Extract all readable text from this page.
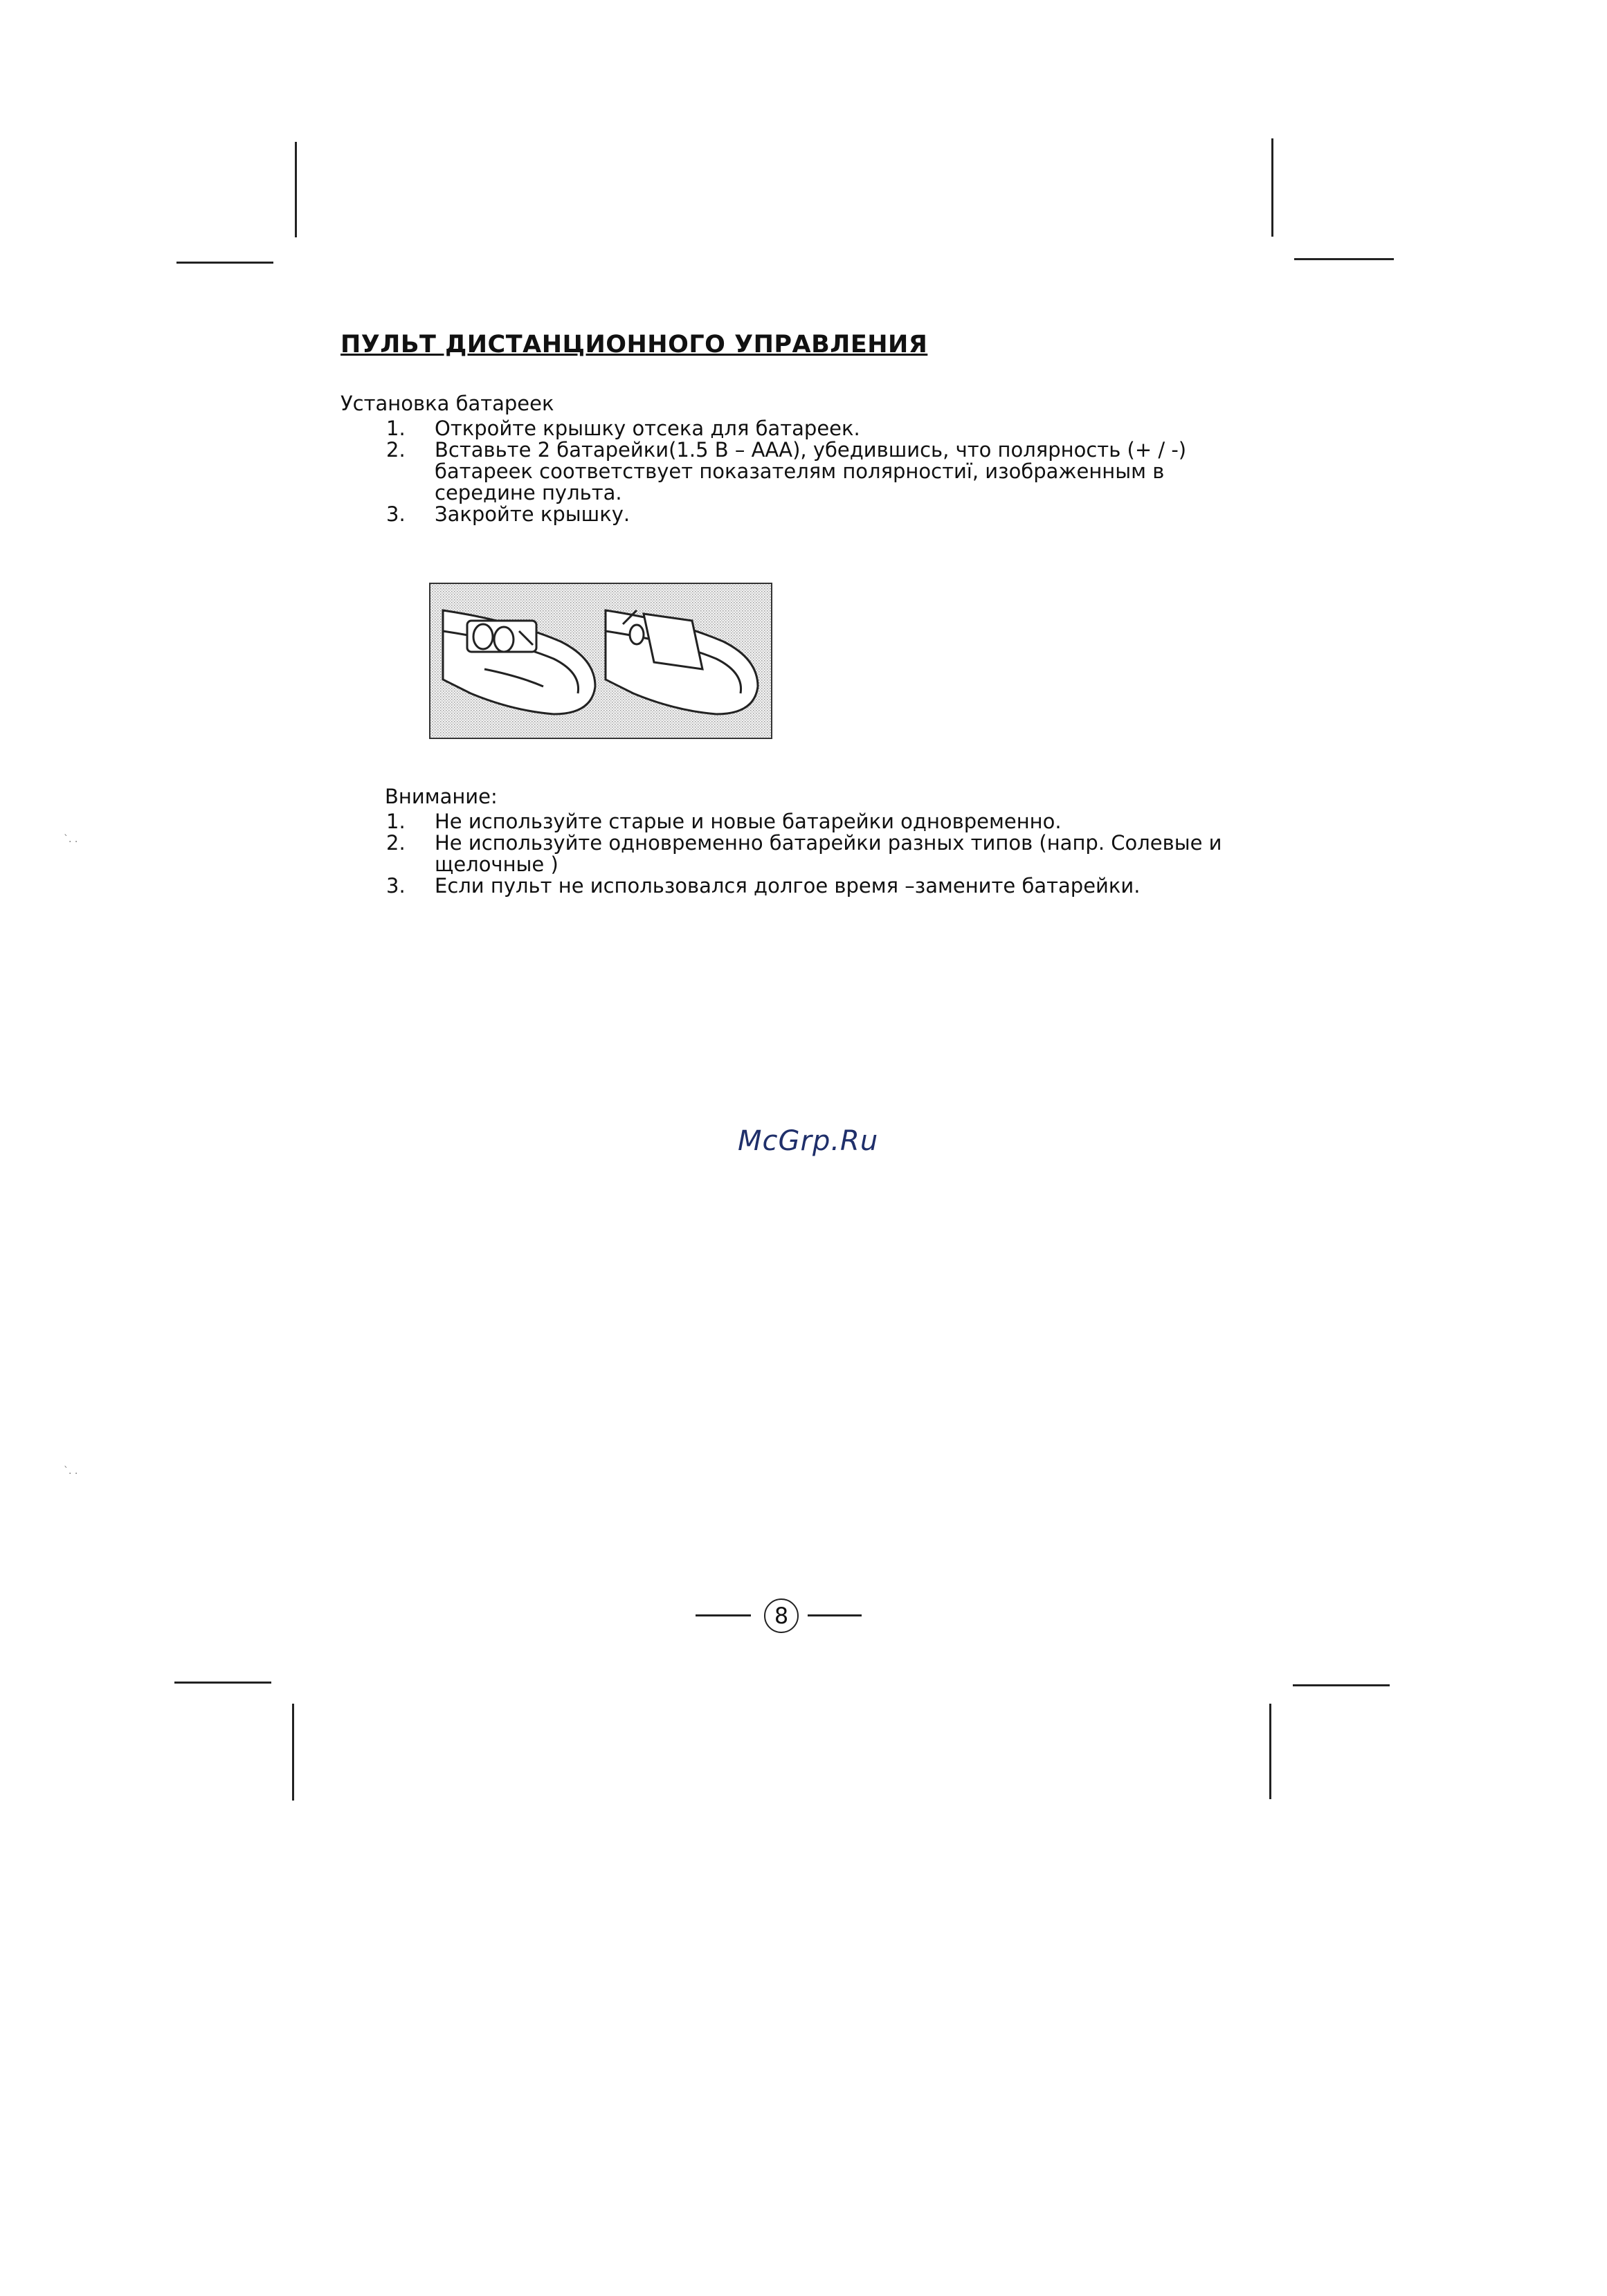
`. .
`. .
ПУЛЬТ ДИСТАНЦИОННОГО УПРАВЛЕНИЯ
Установка батареек
1. Откройте крышку отсека для батареек.
2. Вставьте 2 батарейки(1.5 В – ААА), убедившись, что полярность (+ / -) батареек соответствует показателям полярностиї, изображенным в середине пульта.
3. Закройте крышку.
Внимание:
1. Не используйте старые и новые батарейки одновременно.
2. Не используйте одновременно батарейки разных типов (напр. Солевые и щелочные )
3. Если пульт не использовался долгое время –замените батарейки.
McGrp.Ru
8
